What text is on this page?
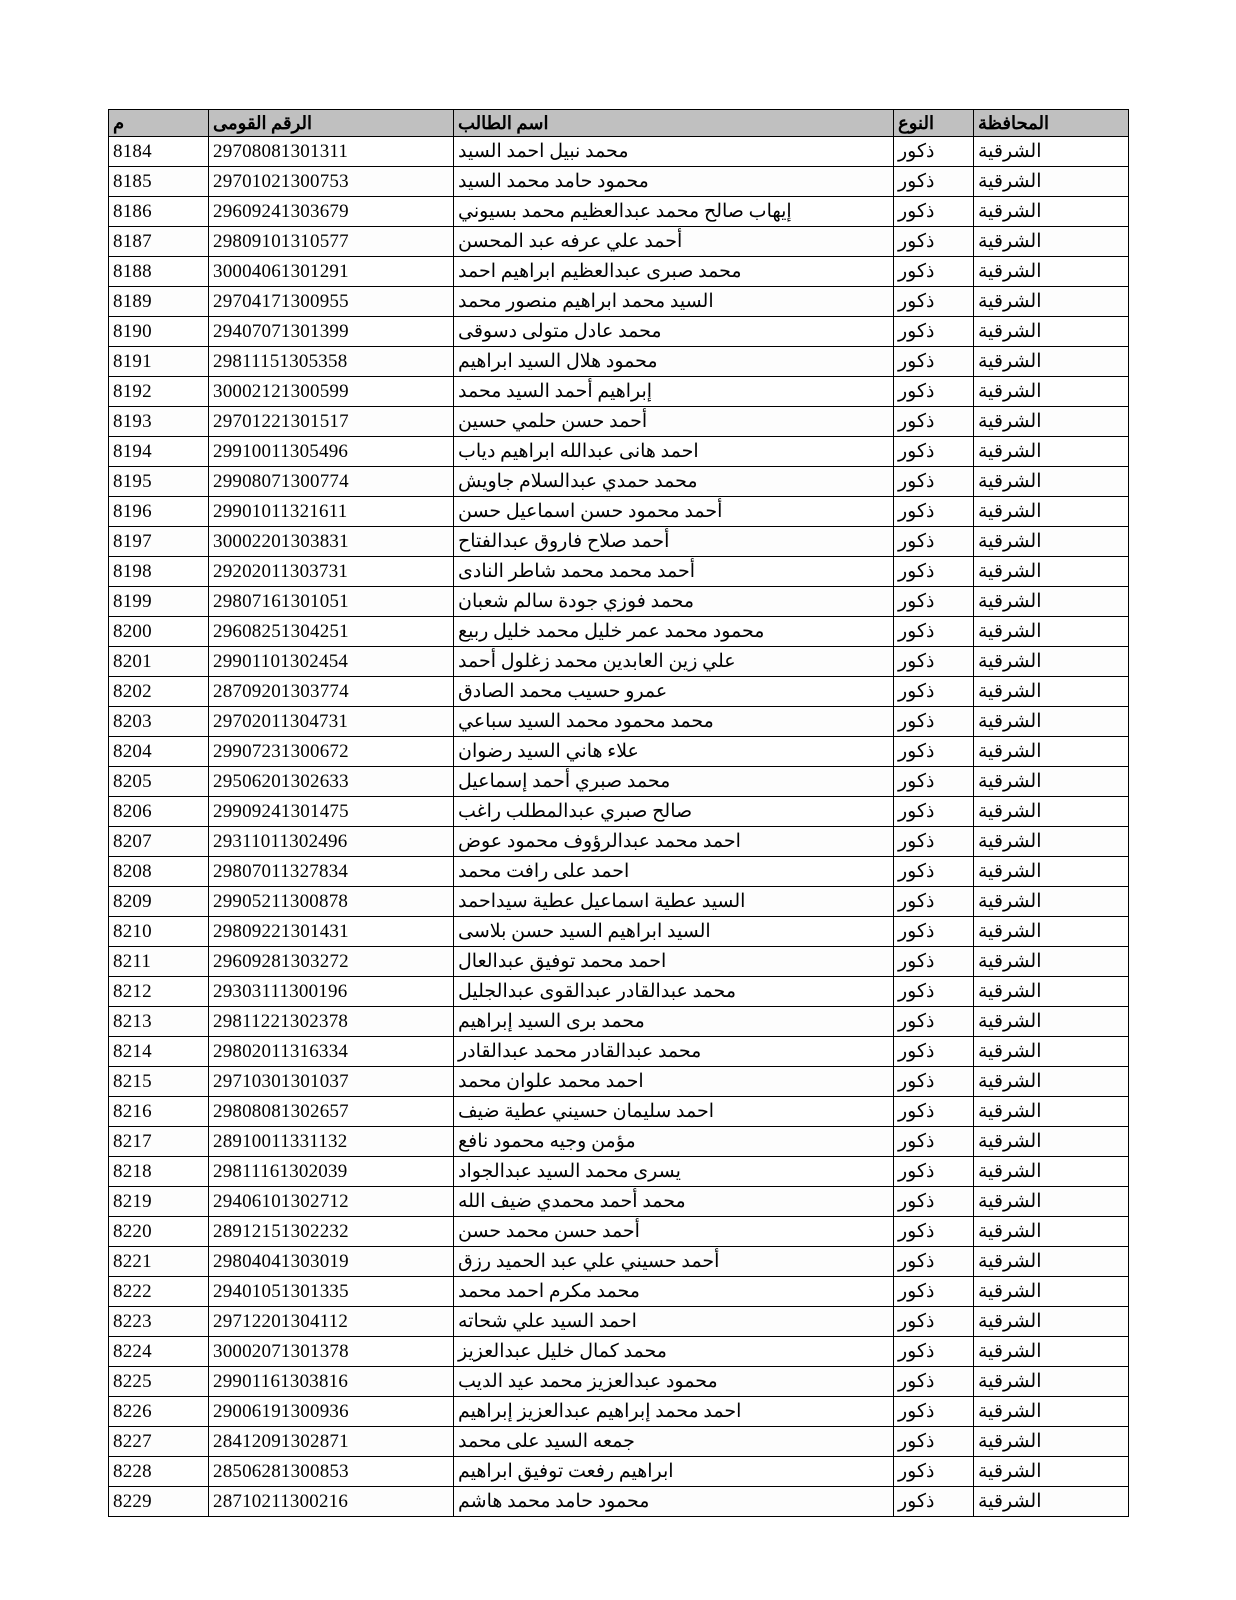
المحافظة	النوع	اسم الطالب	الرقم القومى	م
الشرقية	ذكور	محمد نبيل احمد السيد	29708081301311	8184
الشرقية	ذكور	محمود حامد محمد السيد	29701021300753	8185
الشرقية	ذكور	إيهاب صالح محمد عبدالعظيم محمد بسيوني	29609241303679	8186
الشرقية	ذكور	أحمد علي عرفه عبد المحسن	29809101310577	8187
الشرقية	ذكور	محمد صبرى عبدالعظيم ابراهيم احمد	30004061301291	8188
الشرقية	ذكور	السيد محمد ابراهيم منصور محمد	29704171300955	8189
الشرقية	ذكور	محمد عادل متولى دسوقى	29407071301399	8190
الشرقية	ذكور	محمود هلال السيد ابراهيم	29811151305358	8191
الشرقية	ذكور	إبراهيم أحمد السيد محمد	30002121300599	8192
الشرقية	ذكور	أحمد حسن حلمي حسين	29701221301517	8193
الشرقية	ذكور	احمد هانى عبدالله ابراهيم دياب	29910011305496	8194
الشرقية	ذكور	محمد حمدي عبدالسلام جاويش	29908071300774	8195
الشرقية	ذكور	أحمد محمود حسن اسماعيل حسن	29901011321611	8196
الشرقية	ذكور	أحمد صلاح فاروق عبدالفتاح	30002201303831	8197
الشرقية	ذكور	أحمد محمد محمد شاطر النادى	29202011303731	8198
الشرقية	ذكور	محمد فوزي جودة سالم شعبان	29807161301051	8199
الشرقية	ذكور	محمود محمد عمر خليل محمد خليل ربيع	29608251304251	8200
الشرقية	ذكور	علي زين العابدين محمد زغلول أحمد	29901101302454	8201
الشرقية	ذكور	عمرو حسيب محمد الصادق	28709201303774	8202
الشرقية	ذكور	محمد محمود محمد السيد سباعي	29702011304731	8203
الشرقية	ذكور	علاء هاني السيد رضوان	29907231300672	8204
الشرقية	ذكور	محمد صبري أحمد إسماعيل	29506201302633	8205
الشرقية	ذكور	صالح صبري عبدالمطلب راغب	29909241301475	8206
الشرقية	ذكور	احمد محمد عبدالرؤوف محمود عوض	29311011302496	8207
الشرقية	ذكور	احمد على رافت محمد	29807011327834	8208
الشرقية	ذكور	السيد عطية اسماعيل عطية سيداحمد	29905211300878	8209
الشرقية	ذكور	السيد ابراهيم السيد حسن بلاسى	29809221301431	8210
الشرقية	ذكور	احمد محمد توفيق عبدالعال	29609281303272	8211
الشرقية	ذكور	محمد عبدالقادر عبدالقوى عبدالجليل	29303111300196	8212
الشرقية	ذكور	محمد برى السيد إبراهيم	29811221302378	8213
الشرقية	ذكور	محمد عبدالقادر محمد عبدالقادر	29802011316334	8214
الشرقية	ذكور	احمد محمد علوان محمد	29710301301037	8215
الشرقية	ذكور	احمد سليمان حسيني عطية ضيف	29808081302657	8216
الشرقية	ذكور	مؤمن وجيه محمود نافع	28910011331132	8217
الشرقية	ذكور	يسرى محمد السيد عبدالجواد	29811161302039	8218
الشرقية	ذكور	محمد أحمد محمدي ضيف الله	29406101302712	8219
الشرقية	ذكور	أحمد حسن محمد حسن	28912151302232	8220
الشرقية	ذكور	أحمد حسيني علي عبد الحميد رزق	29804041303019	8221
الشرقية	ذكور	محمد مكرم احمد محمد	29401051301335	8222
الشرقية	ذكور	احمد السيد علي شحاته	29712201304112	8223
الشرقية	ذكور	محمد كمال خليل عبدالعزيز	30002071301378	8224
الشرقية	ذكور	محمود عبدالعزيز محمد عيد الديب	29901161303816	8225
الشرقية	ذكور	احمد محمد إبراهيم عبدالعزيز إبراهيم	29006191300936	8226
الشرقية	ذكور	جمعه السيد على محمد	28412091302871	8227
الشرقية	ذكور	ابراهيم رفعت توفيق ابراهيم	28506281300853	8228
الشرقية	ذكور	محمود حامد محمد هاشم	28710211300216	8229
